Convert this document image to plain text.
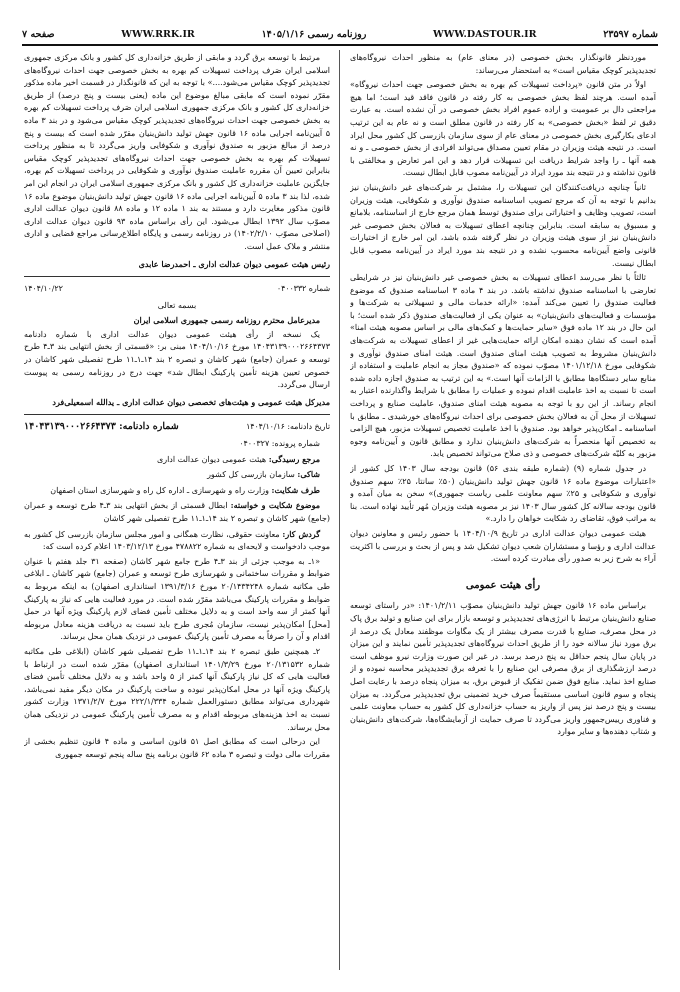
شماره ۲۳۵۹۷
WWW.DASTOUR.IR
روزنامه رسمی ۱۴۰۵/۱/۱۶
WWW.RRK.IR
صفحه ۷

موردنظر قانونگذار، بخش خصوصی (در معنای عام) به منظور احداث نیروگاه‌های تجدیدپذیر کوچک مقیاس است» به استحضار می‌رساند:

اولاً در متن قانون «پرداخت تسهیلات کم بهره به بخش خصوصی جهت احداث نیروگاه» آمده است. هرچند لفظ بخش خصوصی به کار رفته در قانون فاقد قید است؛ اما هیچ مراجعتی دال بر عمومیت و اراده عموم افراد بخش خصوصی در آن نشده است. به عبارت دقیق تر لفظ «بخش خصوصی» به کار رفته در قانون مطلق است و نه عام به این ترتیب ادعای بکارگیری بخش خصوصی در معنای عام از سوی سازمان بازرسی کل کشور محل ایراد است. در نتیجه هیئت وزیران در مقام تعیین مصداق می‌تواند افرادی از بخش خصوصی ـ و نه همه آنها ـ را واجد شرایط دریافت این تسهیلات قرار دهد و این امر تعارض و مخالفتی با قانون نداشته و در نتیجه بند مورد ایراد در آیین‌نامه مصوب قابل ابطال نیست.

ثانیاً چنانچه دریافت‌کنندگان این تسهیلات را، مشتمل بر شرکت‌های غیر دانش‌بنیان نیز بدانیم با توجه به آن که مرجع تصویب اساسنامه صندوق نوآوری و شکوفایی، هیئت وزیران است، تصویب وظایف و اختیاراتی برای صندوق توسط همان مرجع خارج از اساسنامه، بلامانع و مسبوق به سابقه است. بنابراین چنانچه اعطای تسهیلات به فعالان بخش خصوصی غیر دانش‌بنیان نیز از سوی هیئت وزیران در نظر گرفته شده باشد، این امر خارج از اختیارات قانونی واضع آیین‌نامه محسوب نشده و در نتیجه بند مورد ایراد در آیین‌نامه مصوب قابل ابطال نیست.

ثالثاً با نظر می‌رسد اعطای تسهیلات به بخش خصوصی غیر دانش‌بنیان نیز در شرایطی تعارضی با اساسنامه صندوق نداشته باشد. در بند ۴ ماده ۳ اساسنامه صندوق که موضوع فعالیت صندوق را تعیین می‌کند آمده: «ارائه خدمات مالی و تسهیلاتی به شرکت‌ها و مؤسسات و فعالیت‌های دانش‌بنیان» به عنوان یکی از فعالیت‌های صندوق ذکر شده است؛ با این حال در بند ۱۲ ماده فوق «سایر حمایت‌ها و کمک‌های مالی بر اساس مصوبه هیئت امنا» آمده است که نشان دهنده امکان ارائه حمایت‌هایی غیر از اعطای تسهیلات به شرکت‌های دانش‌بنیان مشروط به تصویب هیئت امنای صندوق است. هیئت امنای صندوق نوآوری و شکوفایی مورخ ۱۴۰۱/۱۲/۱۸ مصوّب نموده که «صندوق مجاز به انجام عاملیت و استفاده از منابع سایر دستگاه‌ها مطابق با الزامات آنها است.» به این ترتیب به صندوق اجازه داده شده است تا نسبت به اخذ عاملیت اقدام نموده و عملیات را مطابق با شرایط واگذارنده اعتبار به انجام رساند. از این رو با توجه به مصوبه هیئت امنای صندوق، عاملیت صنایع و پرداخت تسهیلات از محل آن به فعالان بخش خصوصی برای احداث نیروگاه‌های خورشیدی ـ مطابق با اساسنامه ـ امکان‌پذیر خواهد بود. صندوق با اخذ عاملیت تخصیص تسهیلات مزبور، هیچ الزامی به تخصیص آنها منحصراً به شرکت‌های دانش‌بنیان ندارد و مطابق قانون و آیین‌نامه وجوه مزبور به کلیّه شرکت‌های خصوصی و ذی صلاح می‌تواند تخصیص یابد.

در جدول شماره (۹) (شماره طبقه بندی ۵۶) قانون بودجه سال ۱۴۰۳ کل کشور از «اعتبارات موضوع ماده ۱۶ قانون جهش تولید دانش‌بنیان (۵۰٪ سانتا، ۲۵٪ سهم صندوق نوآوری و شکوفایی و ۲۵٪ سهم معاونت علمی ریاست جمهوری)» سخن به میان آمده و قانون بودجه سالانه کل کشور سال ۱۴۰۳ نیز بر مصوبه هیئت وزیران مُهر تأیید نهاده است. بنا به مراتب فوق، تقاضای رد شکایت خواهان را دارد.»

هیئت عمومی دیوان عدالت اداری در تاریخ ۱۴۰۴/۱۰/۹ با حضور رئیس و معاونین دیوان عدالت اداری و رؤسا و مستشاران شعب دیوان تشکیل شد و پس از بحث و بررسی با اکثریت آراء به شرح زیر به صدور رأی مبادرت کرده است.

رأی هیئت عمومی

براساس ماده ۱۶ قانون جهش تولید دانش‌بنیان مصوّب ۱۴۰۱/۲/۱۱: «در راستای توسعه صنایع دانش‌بنیان مرتبط با انرژی‌های تجدیدپذیر و توسعه بازار برای این صنایع و تولید برق پاک در محل مصرف، صنایع با قدرت مصرف بیشتر از یک مگاوات موظفند معادل یک درصد از برق مورد نیاز سالانه خود را از طریق احداث نیروگاه‌های تجدیدپذیر تأمین نمایند و این میزان در پایان سال پنجم حداقل به پنج درصد برسد. در غیر این صورت وزارت نیرو موظف است درصد ارزشگذاری از برق مصرفی این صنایع را با تعرفه برق تجدیدپذیر محاسبه نموده و از صنایع اخذ نماید. منابع فوق ضمن تفکیک از قبوض برق، به میزان پنجاه درصد با رعایت اصل پنجاه و سوم قانون اساسی مستقیماً صرف خرید تضمینی برق تجدیدپذیر می‌گردد. به میزان بیست و پنج درصد نیز پس از واریز به حساب خزانه‌داری کل کشور به حساب معاونت علمی و فناوری رییس‌جمهور واریز می‌گردد تا صرف حمایت از آزمایشگاه‌ها، شرکت‌های دانش‌بنیان و شتاب دهنده‌ها و سایر موارد

مرتبط با توسعه برق گردد و مابقی از طریق خزانه‌داری کل کشور و بانک مرکزی جمهوری اسلامی ایران صَرف پرداخت تسهیلات کم بهره به بخش خصوصی جهت احداث نیروگاه‌های تجدیدپذیر کوچک مقیاس می‌شود....» با توجه به این که قانونگذار در قسمت اخیر ماده مذکور مقرّر نموده است که مابقی مبالغ موضوع این ماده (یعنی بیست و پنج درصد) از طریق خزانه‌داری کل کشور و بانک مرکزی جمهوری اسلامی ایران صَرف پرداخت تسهیلات کم بهره به بخش خصوصی جهت احداث نیروگاه‌های تجدیدپذیر کوچک مقیاس می‌شود و در بند ۳ ماده ۵ آیین‌نامه اجرایی ماده ۱۶ قانون جهش تولید دانش‌بنیان مقرّر شده است که بیست و پنج درصد از مبالغ مزبور به صندوق نوآوری و شکوفایی واریز می‌گردد تا به منظور پرداخت تسهیلات کم بهره به بخش خصوصی جهت احداث نیروگاه‌های تجدیدپذیر کوچک مقیاس بنابراین تعیین آن مقرره عاملیت صندوق نوآوری و شکوفایی در پرداخت تسهیلات کم بهره، جایگزین عاملیت خزانه‌داری کل کشور و بانک مرکزی جمهوری اسلامی ایران در انجام این امر شده، لذا بند ۳ ماده ۵ آیین‌نامه اجرایی ماده ۱۶ قانون جهش تولید دانش‌بنیان موضوع ماده ۱۶ قانون مذکور مغایرت دارد و مستند به بند ۱ ماده ۱۲ و ماده ۸۸ قانون دیوان عدالت اداری مصوّب سال ۱۳۹۲ ابطال می‌شود. این رأی براساس ماده ۹۳ قانون دیوان عدالت اداری (اصلاحی مصوّب ۱۴۰۲/۲/۱۰) در روزنامه رسمی و پایگاه اطلاع‌رسانی مراجع قضایی و اداری منتشر و ملاک عمل است.

رئیس هیئت عمومی دیوان عدالت اداری ـ احمدرضا عابدی

شماره ۰۴۰۰۳۳۲
۱۴۰۴/۱۰/۲۲

بسمه تعالی

مدیرعامل محترم روزنامه رسمی جمهوری اسلامی ایران

یک نسخه از رأی هیئت عمومی دیوان عدالت اداری با شماره دادنامه ۱۴۰۴۳۱۳۹۰۰۰۲۶۶۴۳۷۳ مورخ ۱۴۰۴/۱۰/۱۶ مبنی بر: «قسمتی از بخش انتهایی بند ۳ـ۴ طرح توسعه و عمران (جامع) شهر کاشان و تبصره ۲ بند ۱۴ـ۱ـ۱۱ طرح تفصیلی شهر کاشان در خصوص تعیین هزینه تأمین پارکینگ ابطال شد» جهت درج در روزنامه رسمی به پیوست ارسال می‌گردد.

مدیرکل هیئت عمومی و هیئت‌های تخصصی دیوان عدالت اداری ـ یدالله اسمعیلی‌فرد

تاریخ دادنامه: ۱۴۰۴/۱۰/۱۶
شماره دادنامه: ۱۴۰۴۳۱۳۹۰۰۰۲۶۶۴۳۷۳

شماره پرونده: ۰۴۰۰۳۲۷

مرجع رسیدگی: هیئت عمومی دیوان عدالت اداری

شاکی: سازمان بازرسی کل کشور

طرف شکایت: وزارت راه و شهرسازی ـ اداره کل راه و شهرسازی استان اصفهان

موضوع شکایت و خواسته: ابطال قسمتی از بخش انتهایی بند ۳ـ۴ طرح توسعه و عمران (جامع) شهر کاشان و تبصره ۲ بند ۱۴ـ۱ـ۱۱ طرح تفصیلی شهر کاشان

گردش کار: معاونت حقوقی، نظارت همگانی و امور مجلس سازمان بازرسی کل کشور به موجب دادخواست و لایحه‌ای به شماره ۴۷۸۸۲۲ مورخ ۱۴۰۳/۱۲/۱۳ اعلام کرده است که:

«۱ـ به موجب جزئی از بند ۳ـ۴ طرح جامع شهر کاشان (صفحه ۳۱ جلد هفتم با عنوان ضوابط و مقررات ساختمانی و شهرسازی طرح توسعه و عمران (جامع) شهر کاشان ـ ابلاغی طی مکاتبه شماره ۲۰/۱۴۳۴۲۴۸ مورخ ۱۳۹۱/۳/۱۶ استانداری اصفهان) به اینکه مربوط به ضوابط و مقررات پارکینگ می‌باشد مقرّر شده است. در مورد فعالیت هایی که نیاز به پارکینگ آنها کمتر از سه واحد است و به دلایل مختلف تأمین فضای لازم پارکینگ ویژه آنها در حمل [محل] امکان‌پذیر نیست، سازمان مُجری طرح باید نسبت به دریافت هزینه معادل مربوطه اقدام و آن را صرفاً به مصرف تأمین پارکینگ عمومی در نزدیک همان محل برساند.

۲ـ همچنین طبق تبصره ۲ بند ۱۴ـ۱ـ۱۱ طرح تفصیلی شهر کاشان (ابلاغی طی مکاتبه شماره ۲۰/۱۳۱۵۳۲ مورخ ۱۴۰۱/۳/۲۹ استانداری اصفهان) مقرّر شده است در ارتباط با فعالیت هایی که کل نیاز پارکینگ آنها کمتر از ۵ واحد باشد و به دلایل مختلف تأمین فضای پارکینگ ویژه آنها در محل امکان‌پذیر نبوده و ساخت پارکینگ در مکان دیگر مفید نمی‌باشد، شهرداری می‌تواند مطابق دستورالعمل شماره ۲۲۲/۱/۳۳۴ مورخ ۱۳۷۱/۲/۷ وزارت کشور نسبت به اخذ هزینه‌های مربوطه اقدام و به مصرف تأمین پارکینگ عمومی در نزدیکی همان محل برساند.

این درحالی است که مطابق اصل ۵۱ قانون اساسی و ماده ۴ قانون تنظیم بخشی از مقررات مالی دولت و تبصره ۳ ماده ۶۲ قانون برنامه پنج ساله پنجم توسعه جمهوری
